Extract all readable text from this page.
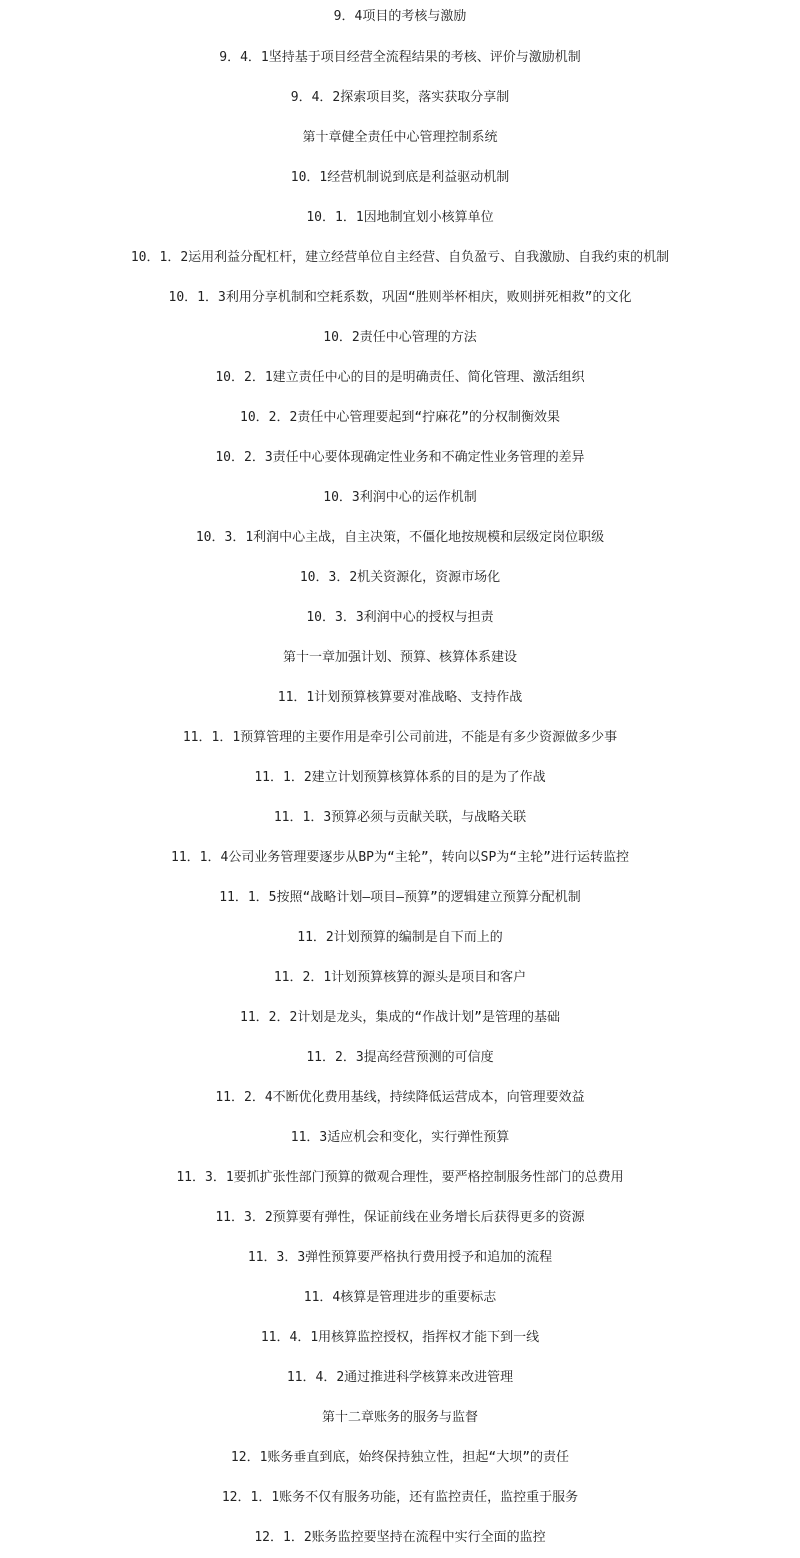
9．4项目的考核与激励
9．4．1坚持基于项目经营全流程结果的考核、评价与激励机制
9．4．2探索项目奖，落实获取分享制
第十章健全责任中心管理控制系统
10．1经营机制说到底是利益驱动机制
10．1．1因地制宜划小核算单位
10．1．2运用利益分配杠杆，建立经营单位自主经营、自负盈亏、自我激励、自我约束的机制
10．1．3利用分享机制和空耗系数，巩固“胜则举杯相庆，败则拼死相救”的文化
10．2责任中心管理的方法
10．2．1建立责任中心的目的是明确责任、简化管理、激活组织
10．2．2责任中心管理要起到“拧麻花”的分权制衡效果
10．2．3责任中心要体现确定性业务和不确定性业务管理的差异
10．3利润中心的运作机制
10．3．1利润中心主战，自主决策，不僵化地按规模和层级定岗位职级
10．3．2机关资源化，资源市场化
10．3．3利润中心的授权与担责
第十一章加强计划、预算、核算体系建设
11．1计划预算核算要对准战略、支持作战
11．1．1预算管理的主要作用是牵引公司前进，不能是有多少资源做多少事
11．1．2建立计划预算核算体系的目的是为了作战
11．1．3预算必须与贡献关联，与战略关联
11．1．4公司业务管理要逐步从BP为“主轮”，转向以SP为“主轮”进行运转监控
11．1．5按照“战略计划—项目—预算”的逻辑建立预算分配机制
11．2计划预算的编制是自下而上的
11．2．1计划预算核算的源头是项目和客户
11．2．2计划是龙头，集成的“作战计划”是管理的基础
11．2．3提高经营预测的可信度
11．2．4不断优化费用基线，持续降低运营成本，向管理要效益
11．3适应机会和变化，实行弹性预算
11．3．1要抓扩张性部门预算的微观合理性，要严格控制服务性部门的总费用
11．3．2预算要有弹性，保证前线在业务增长后获得更多的资源
11．3．3弹性预算要严格执行费用授予和追加的流程
11．4核算是管理进步的重要标志
11．4．1用核算监控授权，指挥权才能下到一线
11．4．2通过推进科学核算来改进管理
第十二章账务的服务与监督
12．1账务垂直到底，始终保持独立性，担起“大坝”的责任
12．1．1账务不仅有服务功能，还有监控责任，监控重于服务
12．1．2账务监控要坚持在流程中实行全面的监控
